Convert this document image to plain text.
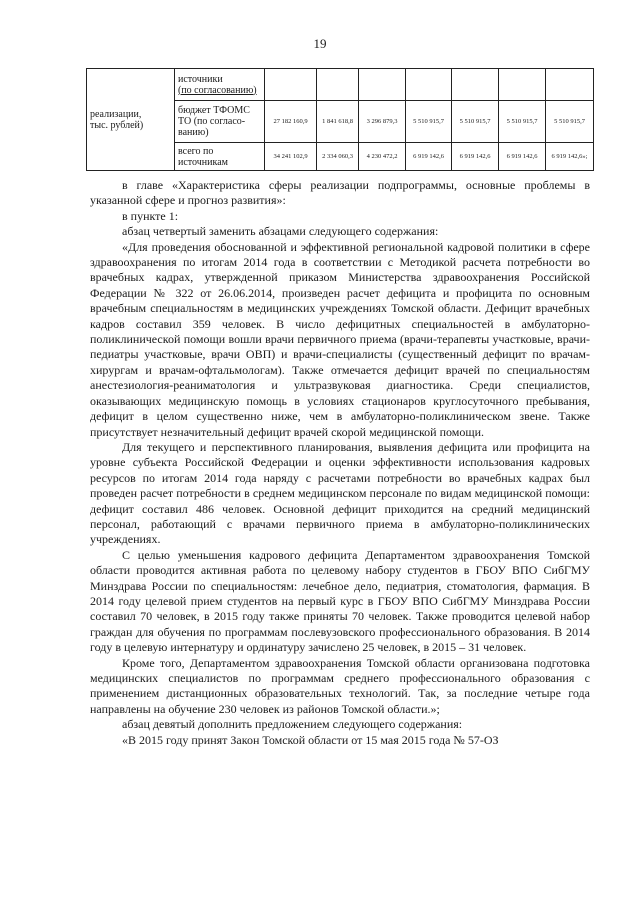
19
реализации,
тыс. рублей)	источники
(по согласованию)							

	бюджет ТФОМС
ТО (по согласо-
ванию)	27 182 160,9	1 841 618,8	3 296 879,3	5 510 915,7	5 510 915,7	5 510 915,7	5 510 915,7

	всего по
источникам	34 241 102,9	2 334 060,3	4 230 472,2	6 919 142,6	6 919 142,6	6 919 142,6	6 919 142,6»;

в главе «Характеристика сферы реализации подпрограммы, основные проблемы в указанной сфере и прогноз развития»:

в пункте 1:

абзац четвертый заменить абзацами следующего содержания:

«Для проведения обоснованной и эффективной региональной кадровой политики в сфере здравоохранения по итогам 2014 года в соответствии с Методикой расчета потребности во врачебных кадрах, утвержденной приказом Министерства здравоохранения Российской Федерации № 322 от 26.06.2014, произведен расчет дефицита и профицита по основным врачебным специальностям в медицинских учреждениях Томской области. Дефицит врачебных кадров составил 359 человек. В число дефицитных специальностей в амбулаторно-поликлинической помощи вошли врачи первичного приема (врачи-терапевты участковые, врачи-педиатры участковые, врачи ОВП) и врачи-специалисты (существенный дефицит по врачам-хирургам и врачам-офтальмологам). Также отмечается дефицит врачей по специальностям анестезиология-реаниматология и ультразвуковая диагностика. Среди специалистов, оказывающих медицинскую помощь в условиях стационаров круглосуточного пребывания, дефицит в целом существенно ниже, чем в амбулаторно-поликлиническом звене. Также присутствует незначительный дефицит врачей скорой медицинской помощи.

Для текущего и перспективного планирования, выявления дефицита или профицита на уровне субъекта Российской Федерации и оценки эффективности использования кадровых ресурсов по итогам 2014 года наряду с расчетами потребности во врачебных кадрах был проведен расчет потребности в среднем медицинском персонале по видам медицинской помощи: дефицит составил 486 человек. Основной дефицит приходится на средний медицинский персонал, работающий с врачами первичного приема в амбулаторно-поликлинических учреждениях.

С целью уменьшения кадрового дефицита Департаментом здравоохранения Томской области проводится активная работа по целевому набору студентов в ГБОУ ВПО СибГМУ Минздрава России по специальностям: лечебное дело, педиатрия, стоматология, фармация. В 2014 году целевой прием студентов на первый курс в ГБОУ ВПО СибГМУ Минздрава России составил 70 человек, в 2015 году также приняты 70 человек. Также проводится целевой набор граждан для обучения по программам послевузовского профессионального образования. В 2014 году в целевую интернатуру и ординатуру зачислено 25 человек, в 2015 – 31 человек.

Кроме того, Департаментом здравоохранения Томской области организована подготовка медицинских специалистов по программам среднего профессионального образования с применением дистанционных образовательных технологий. Так, за последние четыре года направлены на обучение 230 человек из районов Томской области.»;

абзац девятый дополнить предложением следующего содержания:

«В 2015 году принят Закон Томской области от 15 мая 2015 года № 57-ОЗ
